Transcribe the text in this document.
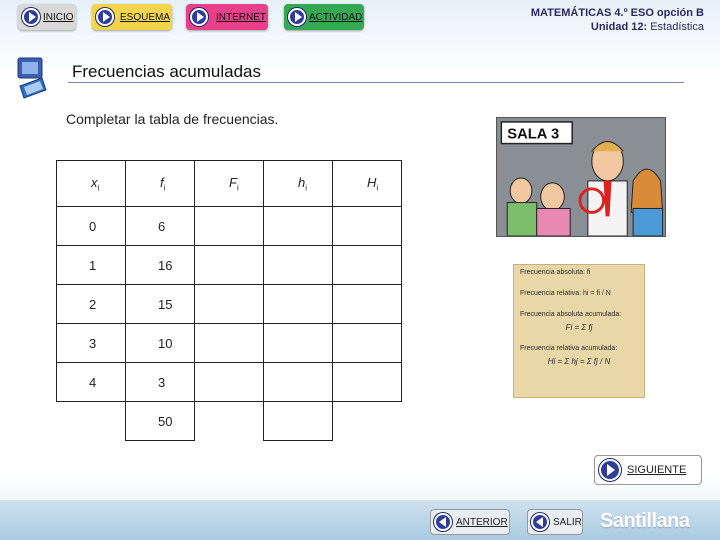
INICIO	ESQUEMA	INTERNET	ACTIVIDAD	MATEMÁTICAS 4.º ESO opción B
Unidad 12: Estadística
Frecuencias acumuladas
Completar la tabla de frecuencias.
$x_i$	$f_i$	$F_i$	$h_i$	$H_i$
0	6			
1	16			
2	15			
3	10			
4	3			
	50			
SALA 3
Frecuencia absoluta: fi
Frecuencia relativa: hi = fi / N
Frecuencia absoluta acumulada:
Fi = Σ fj
Frecuencia relativa acumulada:
Hi = Σ hj = Σ fj / N
SIGUIENTE
ANTERIOR	SALIR Santillana
